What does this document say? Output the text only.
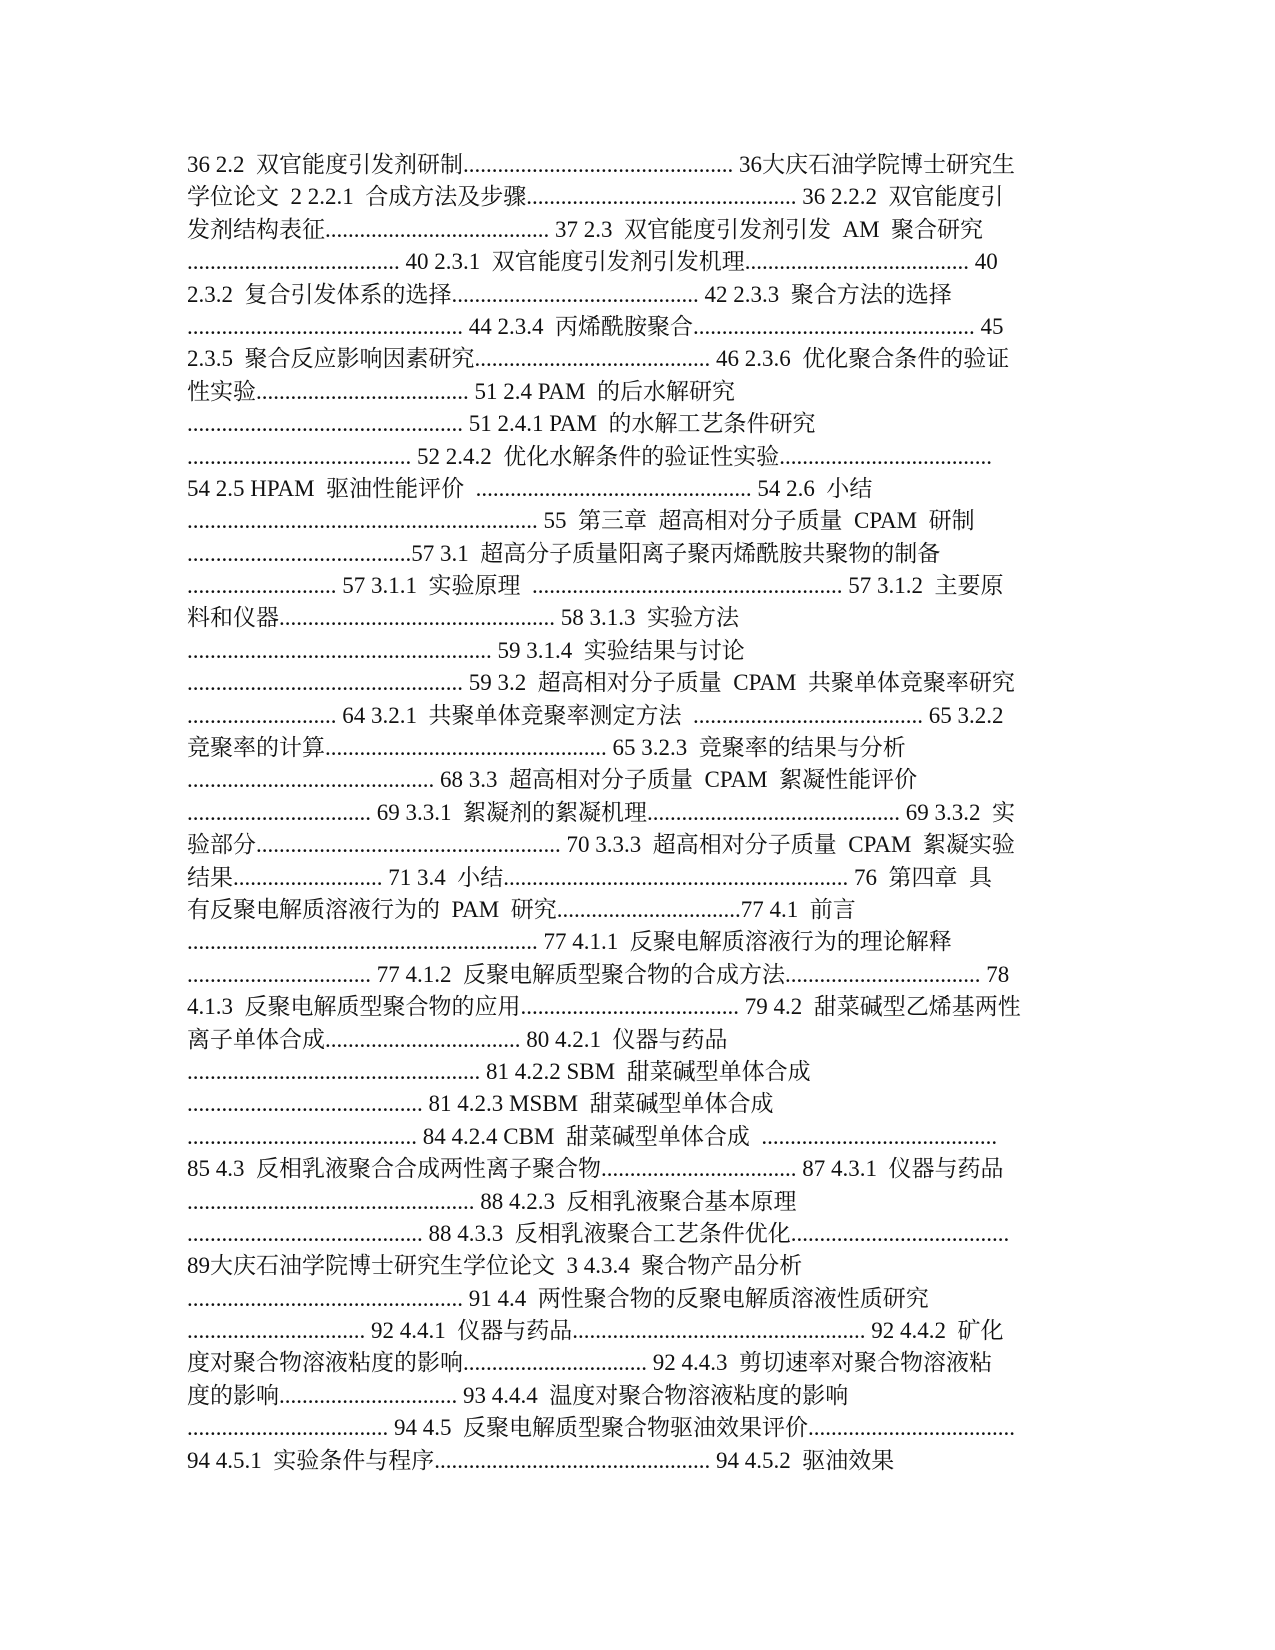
36 2.2  双官能度引发剂研制............................................... 36大庆石油学院博士研究生
学位论文  2 2.2.1  合成方法及步骤............................................... 36 2.2.2  双官能度引
发剂结构表征....................................... 37 2.3  双官能度引发剂引发  AM  聚合研究
..................................... 40 2.3.1  双官能度引发剂引发机理....................................... 40
2.3.2  复合引发体系的选择........................................... 42 2.3.3  聚合方法的选择
................................................ 44 2.3.4  丙烯酰胺聚合................................................. 45
2.3.5  聚合反应影响因素研究......................................... 46 2.3.6  优化聚合条件的验证
性实验..................................... 51 2.4 PAM  的后水解研究
................................................ 51 2.4.1 PAM  的水解工艺条件研究
....................................... 52 2.4.2  优化水解条件的验证性实验.....................................
54 2.5 HPAM  驱油性能评价  ................................................ 54 2.6  小结
............................................................. 55  第三章  超高相对分子质量  CPAM  研制
.......................................57 3.1  超高分子质量阳离子聚丙烯酰胺共聚物的制备
.......................... 57 3.1.1  实验原理  ...................................................... 57 3.1.2  主要原
料和仪器................................................ 58 3.1.3  实验方法
..................................................... 59 3.1.4  实验结果与讨论
................................................ 59 3.2  超高相对分子质量  CPAM  共聚单体竞聚率研究
.......................... 64 3.2.1  共聚单体竞聚率测定方法  ........................................ 65 3.2.2
竞聚率的计算................................................. 65 3.2.3  竞聚率的结果与分析
........................................... 68 3.3  超高相对分子质量  CPAM  絮凝性能评价
................................ 69 3.3.1  絮凝剂的絮凝机理............................................ 69 3.3.2  实
验部分..................................................... 70 3.3.3  超高相对分子质量  CPAM  絮凝实验
结果.......................... 71 3.4  小结............................................................ 76  第四章  具
有反聚电解质溶液行为的  PAM  研究................................77 4.1  前言
............................................................. 77 4.1.1  反聚电解质溶液行为的理论解释
................................ 77 4.1.2  反聚电解质型聚合物的合成方法.................................. 78
4.1.3  反聚电解质型聚合物的应用...................................... 79 4.2  甜菜碱型乙烯基两性
离子单体合成.................................. 80 4.2.1  仪器与药品
................................................... 81 4.2.2 SBM  甜菜碱型单体合成
......................................... 81 4.2.3 MSBM  甜菜碱型单体合成
........................................ 84 4.2.4 CBM  甜菜碱型单体合成  .........................................
85 4.3  反相乳液聚合合成两性离子聚合物.................................. 87 4.3.1  仪器与药品
.................................................. 88 4.2.3  反相乳液聚合基本原理
......................................... 88 4.3.3  反相乳液聚合工艺条件优化......................................
89大庆石油学院博士研究生学位论文  3 4.3.4  聚合物产品分析
................................................ 91 4.4  两性聚合物的反聚电解质溶液性质研究
............................... 92 4.4.1  仪器与药品................................................... 92 4.4.2  矿化
度对聚合物溶液粘度的影响................................ 92 4.4.3  剪切速率对聚合物溶液粘
度的影响............................... 93 4.4.4  温度对聚合物溶液粘度的影响
................................... 94 4.5  反聚电解质型聚合物驱油效果评价....................................
94 4.5.1  实验条件与程序................................................ 94 4.5.2  驱油效果
